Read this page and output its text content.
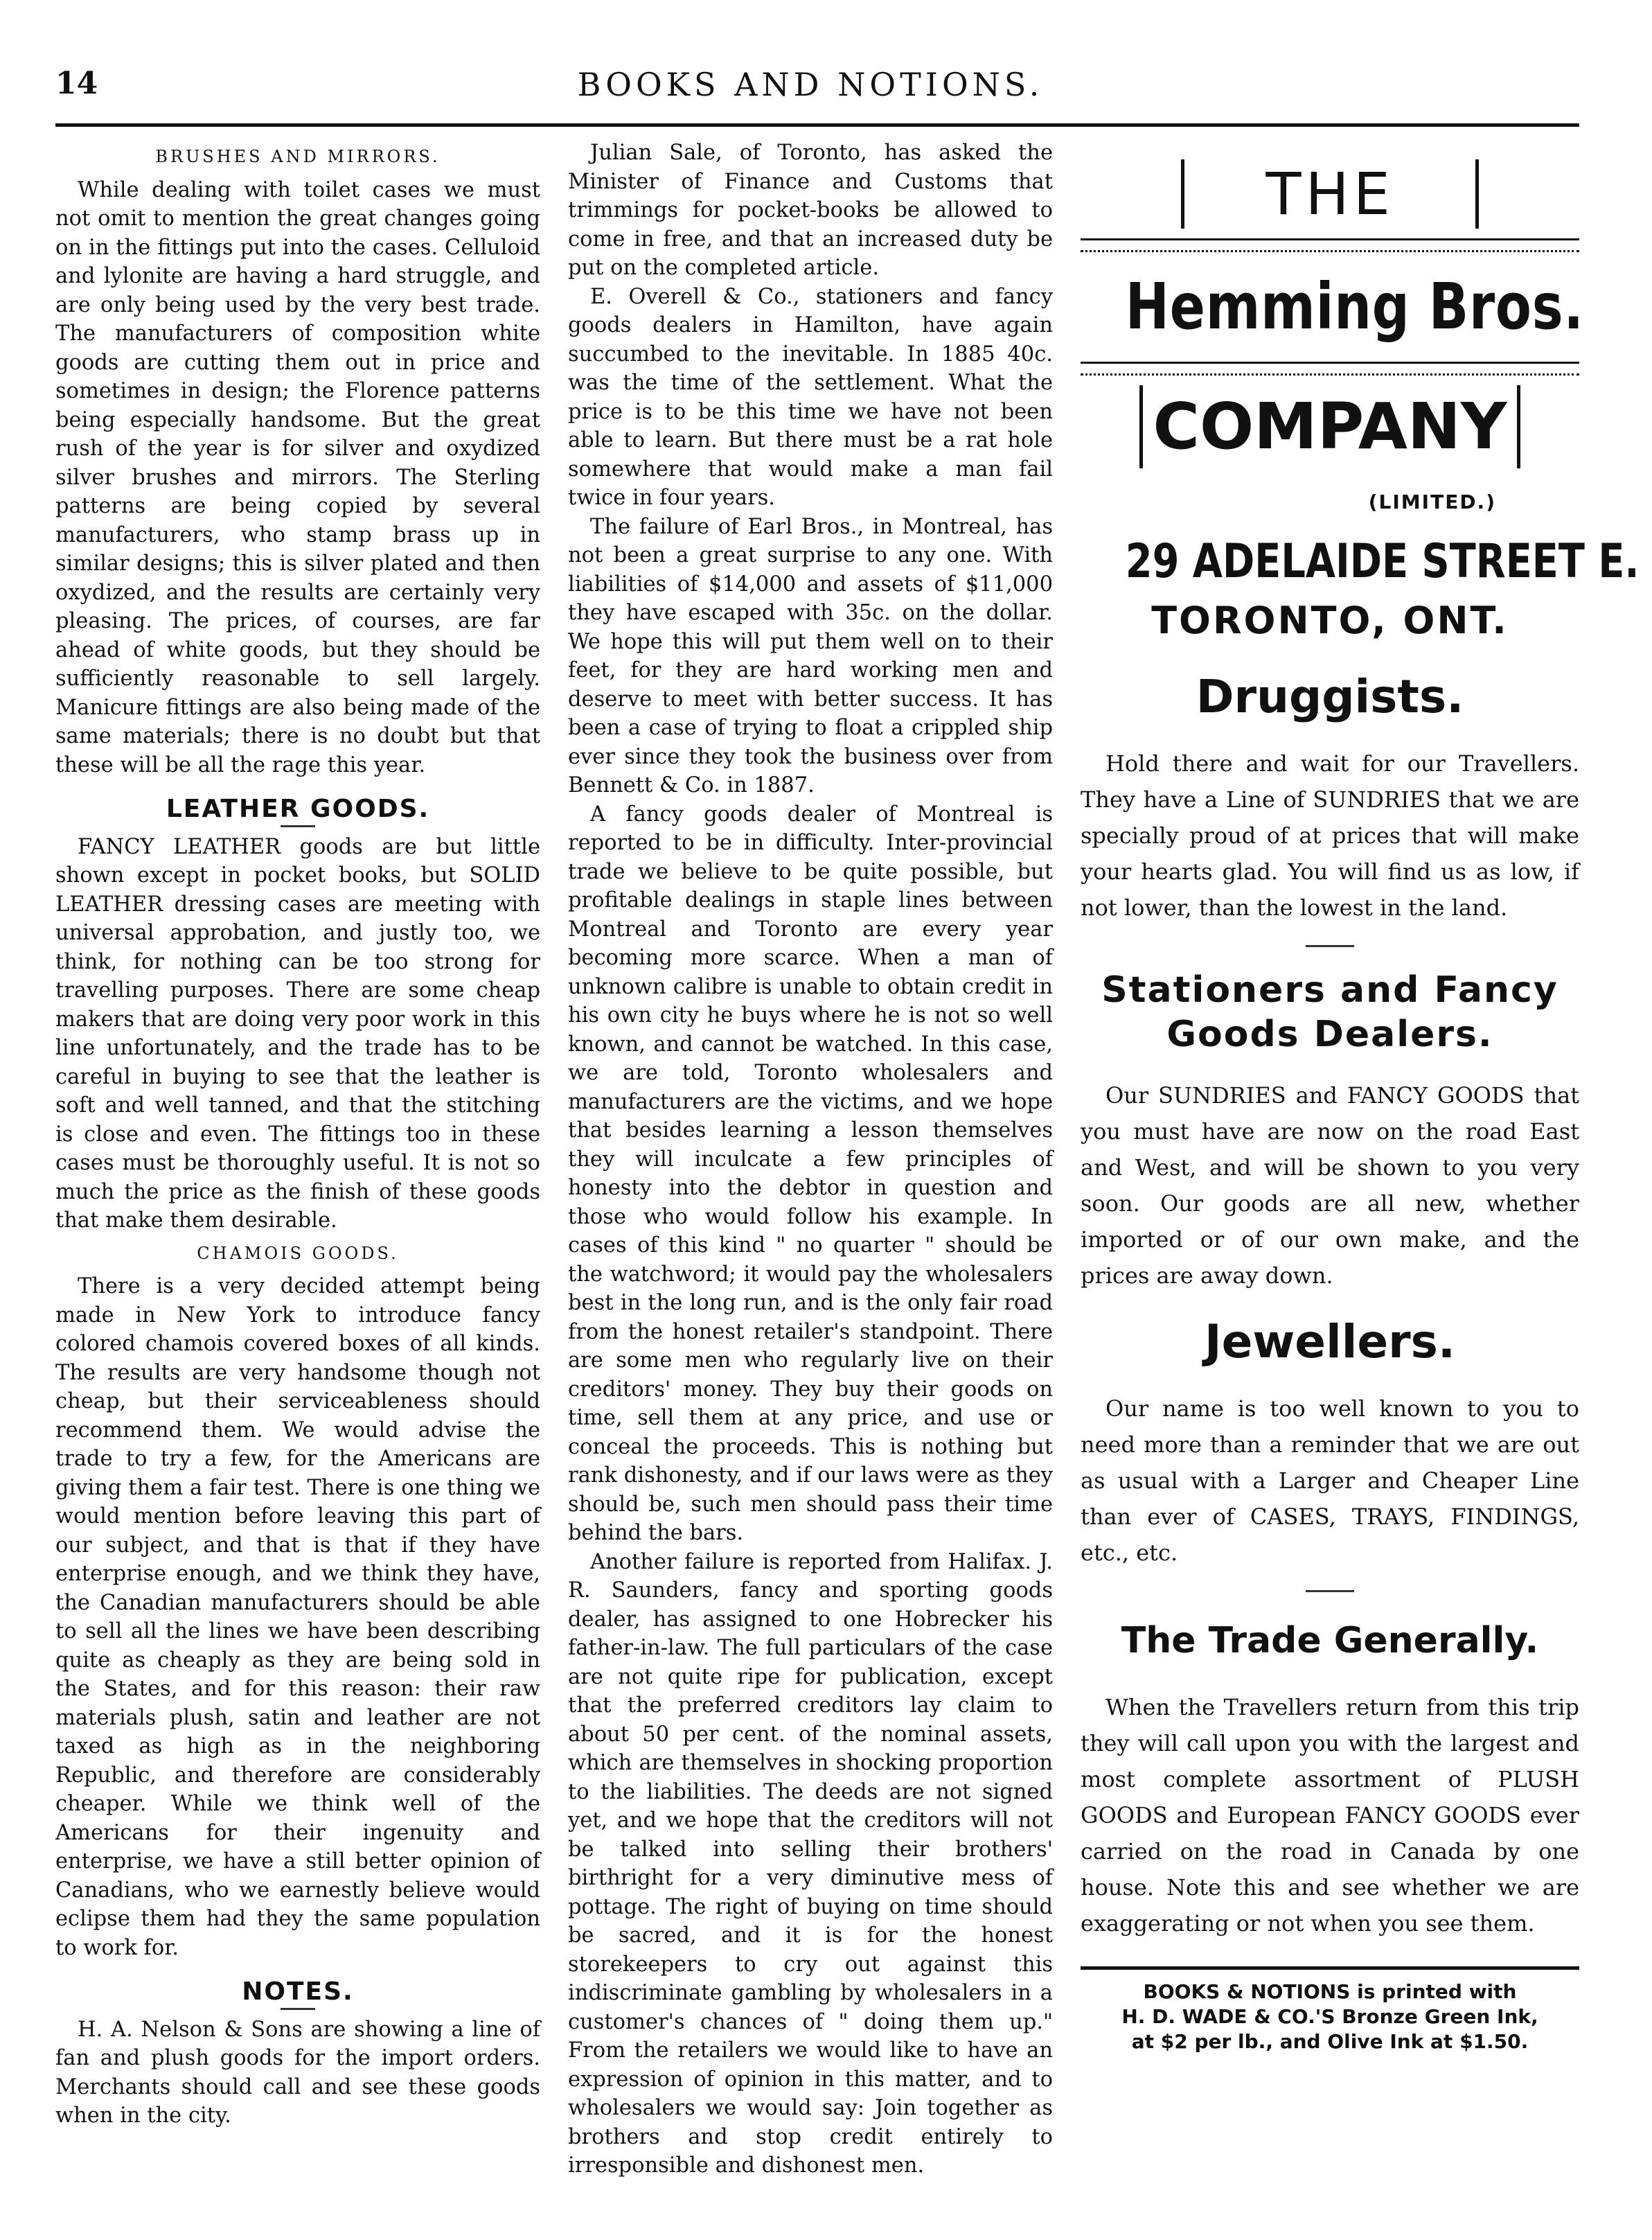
14	BOOKS AND NOTIONS.
BRUSHES AND MIRRORS.

While dealing with toilet cases we must not omit to mention the great changes going on in the fittings put into the cases. Celluloid and lylonite are having a hard struggle, and are only being used by the very best trade. The manufacturers of composition white goods are cutting them out in price and sometimes in design; the Florence patterns being especially handsome. But the great rush of the year is for silver and oxydized silver brushes and mirrors. The Sterling patterns are being copied by several manufacturers, who stamp brass up in similar designs; this is silver plated and then oxydized, and the results are certainly very pleasing. The prices, of courses, are far ahead of white goods, but they should be sufficiently reasonable to sell largely. Manicure fittings are also being made of the same materials; there is no doubt but that these will be all the rage this year.

LEATHER GOODS.

FANCY LEATHER goods are but little shown except in pocket books, but SOLID LEATHER dressing cases are meeting with universal approbation, and justly too, we think, for nothing can be too strong for travelling purposes. There are some cheap makers that are doing very poor work in this line unfortunately, and the trade has to be careful in buying to see that the leather is soft and well tanned, and that the stitching is close and even. The fittings too in these cases must be thoroughly useful. It is not so much the price as the finish of these goods that make them desirable.

CHAMOIS GOODS.

There is a very decided attempt being made in New York to introduce fancy colored chamois covered boxes of all kinds. The results are very handsome though not cheap, but their serviceableness should recommend them. We would advise the trade to try a few, for the Americans are giving them a fair test. There is one thing we would mention before leaving this part of our subject, and that is that if they have enterprise enough, and we think they have, the Canadian manufacturers should be able to sell all the lines we have been describing quite as cheaply as they are being sold in the States, and for this reason: their raw materials plush, satin and leather are not taxed as high as in the neighboring Republic, and therefore are considerably cheaper. While we think well of the Americans for their ingenuity and enterprise, we have a still better opinion of Canadians, who we earnestly believe would eclipse them had they the same population to work for.

NOTES.

H. A. Nelson & Sons are showing a line of fan and plush goods for the import orders. Merchants should call and see these goods when in the city.

Julian Sale, of Toronto, has asked the Minister of Finance and Customs that trimmings for pocket-books be allowed to come in free, and that an increased duty be put on the completed article.

E. Overell & Co., stationers and fancy goods dealers in Hamilton, have again succumbed to the inevitable. In 1885 40c. was the time of the settlement. What the price is to be this time we have not been able to learn. But there must be a rat hole somewhere that would make a man fail twice in four years.

The failure of Earl Bros., in Montreal, has not been a great surprise to any one. With liabilities of $14,000 and assets of $11,000 they have escaped with 35c. on the dollar. We hope this will put them well on to their feet, for they are hard working men and deserve to meet with better success. It has been a case of trying to float a crippled ship ever since they took the business over from Bennett & Co. in 1887.

A fancy goods dealer of Montreal is reported to be in difficulty. Inter-provincial trade we believe to be quite possible, but profitable dealings in staple lines between Montreal and Toronto are every year becoming more scarce. When a man of unknown calibre is unable to obtain credit in his own city he buys where he is not so well known, and cannot be watched. In this case, we are told, Toronto wholesalers and manufacturers are the victims, and we hope that besides learning a lesson themselves they will inculcate a few principles of honesty into the debtor in question and those who would follow his example. In cases of this kind " no quarter " should be the watchword; it would pay the wholesalers best in the long run, and is the only fair road from the honest retailer's standpoint. There are some men who regularly live on their creditors' money. They buy their goods on time, sell them at any price, and use or conceal the proceeds. This is nothing but rank dishonesty, and if our laws were as they should be, such men should pass their time behind the bars.

Another failure is reported from Halifax. J. R. Saunders, fancy and sporting goods dealer, has assigned to one Hobrecker his father-in-law. The full particulars of the case are not quite ripe for publication, except that the preferred creditors lay claim to about 50 per cent. of the nominal assets, which are themselves in shocking proportion to the liabilities. The deeds are not signed yet, and we hope that the creditors will not be talked into selling their brothers' birthright for a very diminutive mess of pottage. The right of buying on time should be sacred, and it is for the honest storekeepers to cry out against this indiscriminate gambling by wholesalers in a customer's chances of " doing them up." From the retailers we would like to have an expression of opinion in this matter, and to wholesalers we would say: Join together as brothers and stop credit entirely to irresponsible and dishonest men.

THE
Hemming Bros.
COMPANY
(LIMITED.)
29 ADELAIDE STREET E.
TORONTO, ONT.
Druggists.

Hold there and wait for our Travellers. They have a Line of SUNDRIES that we are specially proud of at prices that will make your hearts glad. You will find us as low, if not lower, than the lowest in the land.

Stationers and Fancy Goods Dealers.

Our SUNDRIES and FANCY GOODS that you must have are now on the road East and West, and will be shown to you very soon. Our goods are all new, whether imported or of our own make, and the prices are away down.

Jewellers.

Our name is too well known to you to need more than a reminder that we are out as usual with a Larger and Cheaper Line than ever of CASES, TRAYS, FINDINGS, etc., etc.

The Trade Generally.

When the Travellers return from this trip they will call upon you with the largest and most complete assortment of PLUSH GOODS and European FANCY GOODS ever carried on the road in Canada by one house. Note this and see whether we are exaggerating or not when you see them.

BOOKS & NOTIONS is printed with
H. D. WADE & CO.'S Bronze Green Ink,
at $2 per lb., and Olive Ink at $1.50.
